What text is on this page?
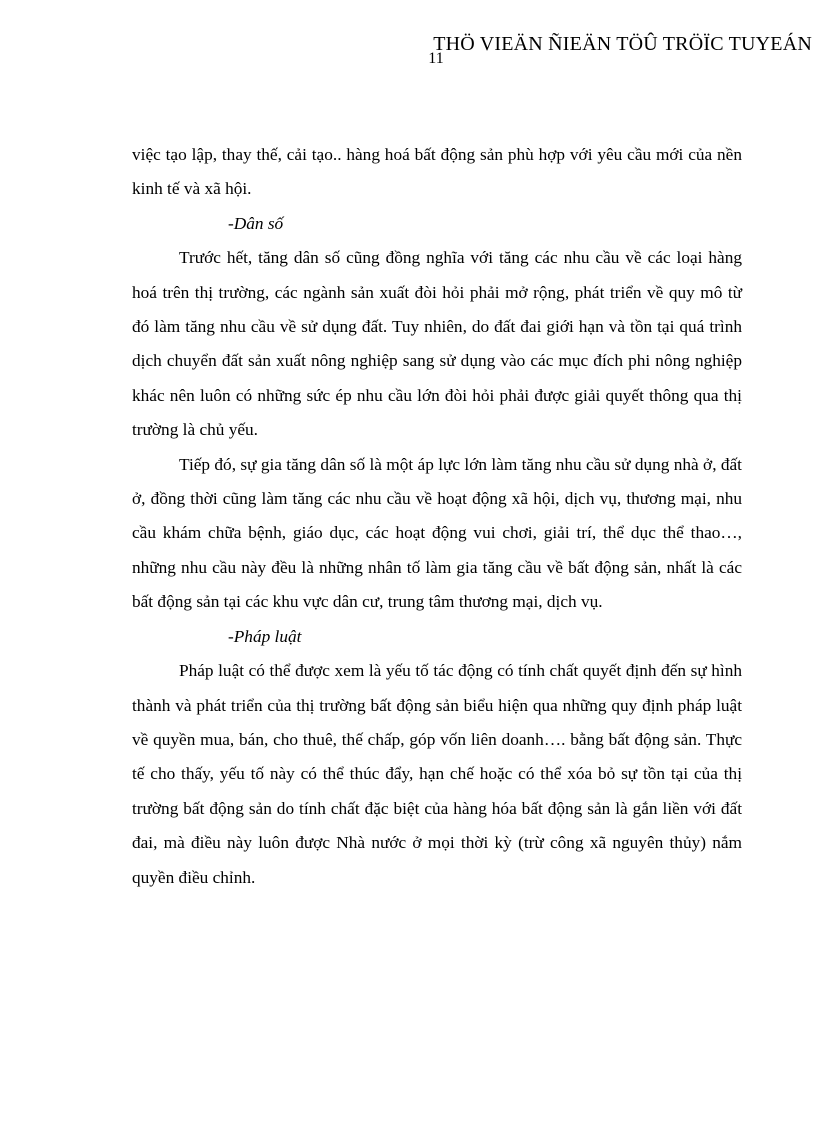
THÖ VIEÄN ÑIEÄN TÖÛ TRÖÏC TUYEÁN
11

việc tạo lập, thay thế, cải tạo.. hàng hoá bất động sản phù hợp với yêu cầu mới của nền kinh tế và xã hội.

-Dân số

Trước hết, tăng dân số cũng đồng nghĩa với tăng các nhu cầu về các loại hàng hoá trên thị trường, các ngành sản xuất đòi hỏi phải mở rộng, phát triển về quy mô từ đó làm tăng nhu cầu về sử dụng đất. Tuy nhiên, do đất đai giới hạn và tồn tại quá trình dịch chuyển đất sản xuất nông nghiệp sang sử dụng vào các mục đích phi nông nghiệp khác nên luôn có những sức ép nhu cầu lớn đòi hỏi phải được giải quyết thông qua thị trường là chủ yếu.

Tiếp đó, sự gia tăng dân số là một áp lực lớn làm tăng nhu cầu sử dụng nhà ở, đất ở, đồng thời cũng làm tăng các nhu cầu về hoạt động xã hội, dịch vụ, thương mại, nhu cầu khám chữa bệnh, giáo dục, các hoạt động vui chơi, giải trí, thể dục thể thao…, những nhu cầu này đều là những nhân tố làm gia tăng cầu về bất động sản, nhất là các bất động sản tại các khu vực dân cư, trung tâm thương mại, dịch vụ.

-Pháp luật

Pháp luật có thể được xem là yếu tố tác động có tính chất quyết định đến sự hình thành và phát triển của thị trường bất động sản biểu hiện qua những quy định pháp luật về quyền mua, bán, cho thuê, thế chấp, góp vốn liên doanh…. bằng bất động sản. Thực tế cho thấy, yếu tố này có thể thúc đẩy, hạn chế hoặc có thể xóa bỏ sự tồn tại của thị trường bất động sản do tính chất đặc biệt của hàng hóa bất động sản là gắn liền với đất đai, mà điều này luôn được Nhà nước ở mọi thời kỳ (trừ công xã nguyên thủy) nắm quyền điều chỉnh.
